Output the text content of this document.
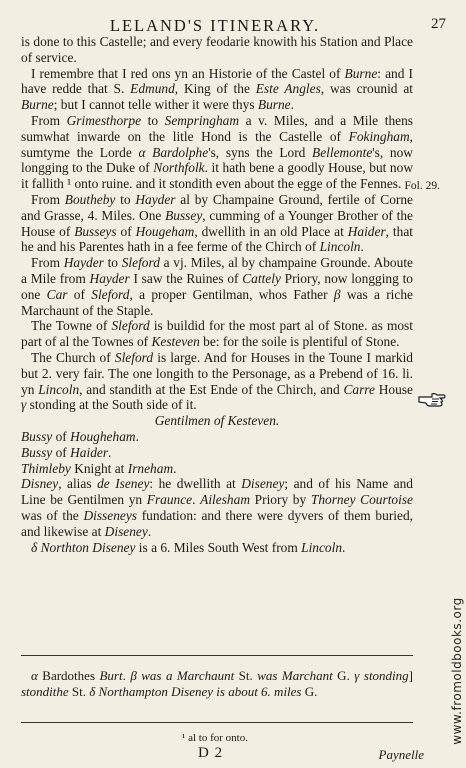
LELAND'S ITINERARY.	27

is done to this Castelle; and every feodarie knowith his Station and Place of service.

I remembre that I red ons yn an Historie of the Castel of Burne: and I have redde that S. Edmund, King of the Este Angles, was crounid at Burne; but I cannot telle wither it were thys Burne.

From Grimesthorpe to Sempringham a v. Miles, and a Mile thens sumwhat inwarde on the litle Hond is the Castelle of Fokingham, sumtyme the Lorde α Bardolphe's, syns the Lord Bellemonte's, now longging to the Duke of Northfolk. it hath bene a goodly House, but now it fallith ¹ onto ruine. and it stondith even about the egge of the Fennes.

From Boutheby to Hayder al by Champaine Ground, fertile of Corne and Grasse, 4. Miles. One Bussey, cumming of a Younger Brother of the House of Busseys of Hougeham, dwellith in an old Place at Haider, that he and his Parentes hath in a fee ferme of the Chirch of Lincoln.

From Hayder to Sleford a vj. Miles, al by champaine Grounde. Aboute a Mile from Hayder I saw the Ruines of Cattely Priory, now longging to one Car of Sleford, a proper Gentilman, whos Father β was a riche Marchaunt of the Staple.

The Towne of Sleford is buildid for the most part al of Stone. as most part of al the Townes of Kesteven be: for the soile is plentiful of Stone.

The Church of Sleford is large. And for Houses in the Toune I markid but 2. very fair. The one longith to the Personage, as a Prebend of 16. li. yn Lincoln, and standith at the Est Ende of the Chirch, and Carre House γ stonding at the South side of it.

Gentilmen of Kesteven.

Bussy of Hougheham.

Bussy of Haider.

Thimleby Knight at Irneham.

Disney, alias de Iseney: he dwellith at Diseney; and of his Name and Line be Gentilmen yn Fraunce. Ailesham Priory by Thorney Courtoise was of the Disseneys fundation: and there were dyvers of them buried, and likewise at Diseney.

δ Northton Diseney is a 6. Miles South West from Lincoln.

Fol. 29.

α Bardothes Burt. β was a Marchaunt St. was Marchant G. γ stonding] stondithe St. δ Northampton Diseney is about 6. miles G.

¹ al to for onto.
D 2	Paynelle
www.fromoldbooks.org
